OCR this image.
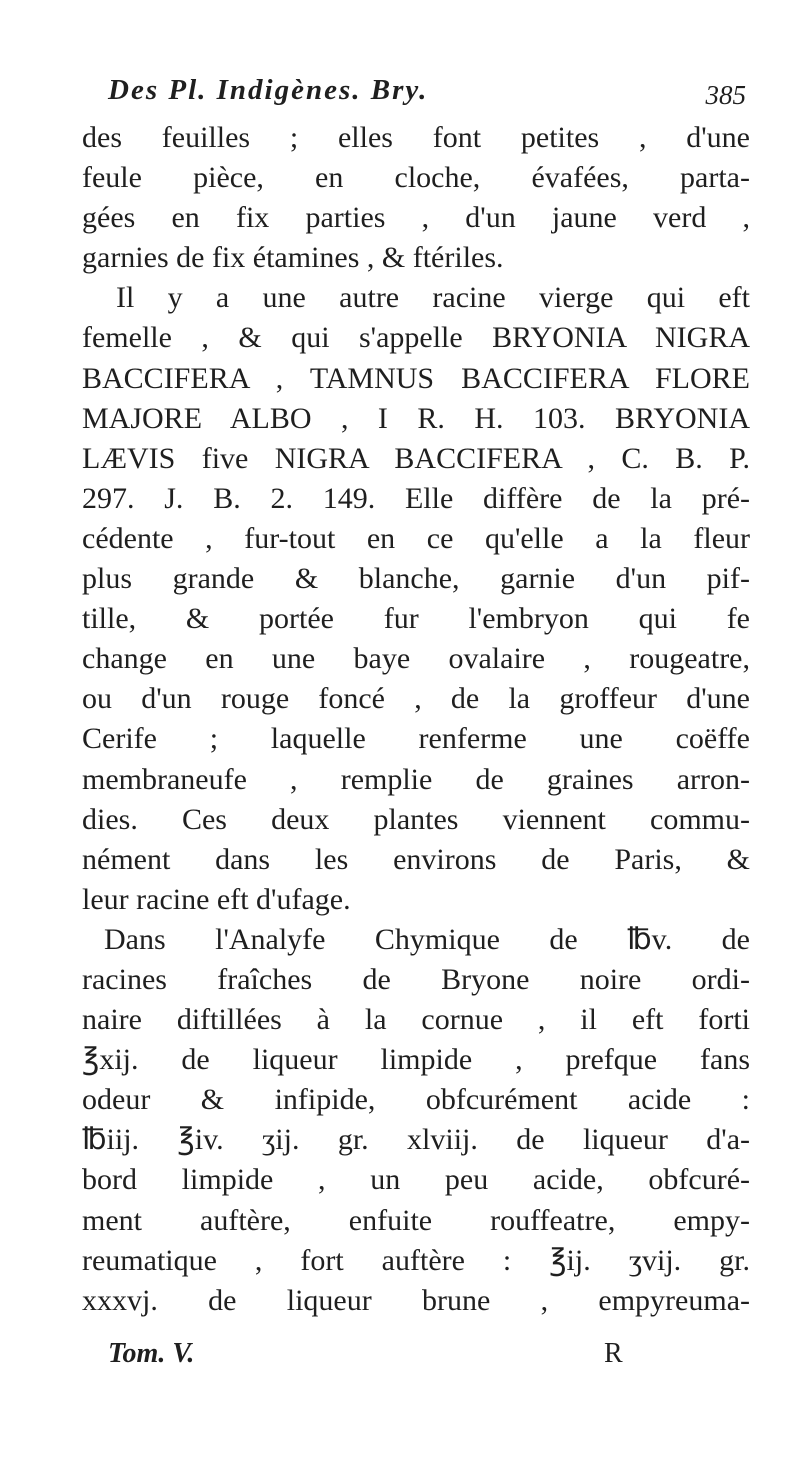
Des Pl. Indigènes. Bry.	385
des feuilles ; elles font petites , d'une
feule pièce, en cloche, évafées, parta-
gées en fix parties , d'un jaune verd ,
garnies de fix étamines , & ftériles.
Il y a une autre racine vierge qui eft
femelle , & qui s'appelle BRYONIA NIGRA
BACCIFERA , TAMNUS BACCIFERA FLORE
MAJORE ALBO , I R. H. 103. BRYONIA
LÆVIS five NIGRA BACCIFERA , C. B. P.
297. J. B. 2. 149. Elle diffère de la pré-
cédente , fur-tout en ce qu'elle a la fleur
plus grande & blanche, garnie d'un pif-
tille, & portée fur l'embryon qui fe
change en une baye ovalaire , rougeatre,
ou d'un rouge foncé , de la groffeur d'une
Cerife ; laquelle renferme une coëffe
membraneufe , remplie de graines arron-
dies. Ces deux plantes viennent commu-
nément dans les environs de Paris, &
leur racine eft d'ufage.
Dans l'Analyfe Chymique de ℔v. de
racines fraîches de Bryone noire ordi-
naire diftillées à la cornue , il eft forti
℥xij. de liqueur limpide , prefque fans
odeur & infipide, obfcurément acide :
℔iij. ℥iv. ʒij. gr. xlviij. de liqueur d'a-
bord limpide , un peu acide, obfcuré-
ment auftère, enfuite rouffeatre, empy-
reumatique , fort auftère : ℥ij. ʒvij. gr.
xxxvj. de liqueur brune , empyreuma-
Tom. V.	R
